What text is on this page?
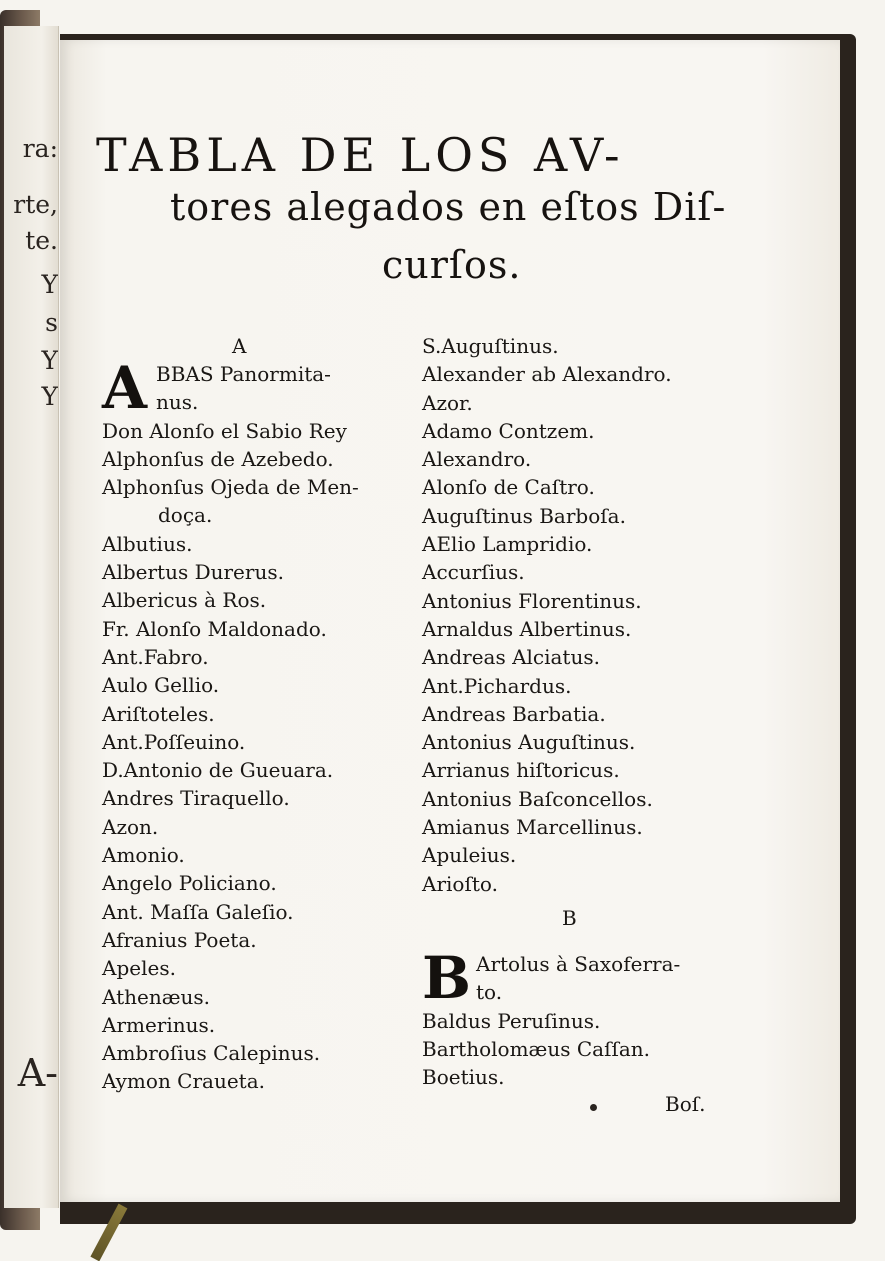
ra:
rte,
te.
Y
s
Y
Y
A-
TABLA DE LOS AV-
tores alegados en eſtos Diſ-
curſos.
A
A BBAS Panormita-
nus.
Don Alonſo el Sabio Rey
Alphonſus de Azebedo.
Alphonſus Ojeda de Men-
doça.
Albutius.
Albertus Durerus.
Albericus à Ros.
Fr. Alonſo Maldonado.
Ant.Fabro.
Aulo Gellio.
Ariſtoteles.
Ant.Poſſeuino.
D.Antonio de Gueuara.
Andres Tiraquello.
Azon.
Amonio.
Angelo Policiano.
Ant. Maſſa Galeſio.
Afranius Poeta.
Apeles.
Athenæus.
Armerinus.
Ambroſius Calepinus.
Aymon Craueta.
S.Auguſtinus.
Alexander ab Alexandro.
Azor.
Adamo Contzem.
Alexandro.
Alonſo de Caſtro.
Auguſtinus Barboſa.
AElio Lampridio.
Accurſius.
Antonius Florentinus.
Arnaldus Albertinus.
Andreas Alciatus.
Ant.Pichardus.
Andreas Barbatia.
Antonius Auguſtinus.
Arrianus hiſtoricus.
Antonius Baſconcellos.
Amianus Marcellinus.
Apuleius.
Arioſto.
B
B Artolus à Saxoferra-
to.
Baldus Peruſinus.
Bartholomæus Caſſan.
Boetius.
Boſ.
